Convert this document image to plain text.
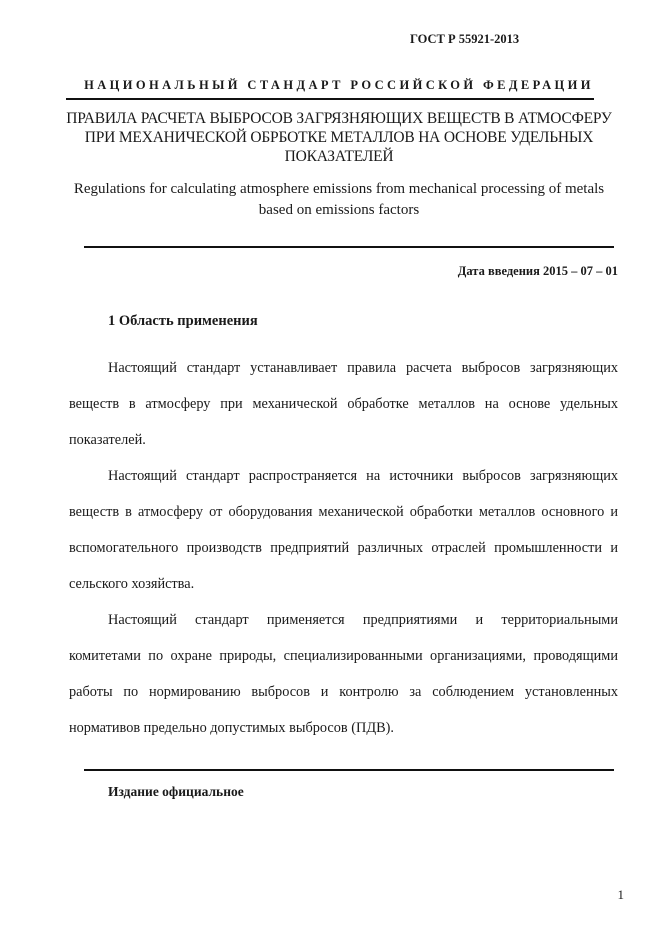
ГОСТ Р 55921-2013
НАЦИОНАЛЬНЫЙ СТАНДАРТ РОССИЙСКОЙ ФЕДЕРАЦИИ
ПРАВИЛА РАСЧЕТА ВЫБРОСОВ ЗАГРЯЗНЯЮЩИХ ВЕЩЕСТВ В АТМОСФЕРУ ПРИ МЕХАНИЧЕСКОЙ ОБРБОТКЕ МЕТАЛЛОВ НА ОСНОВЕ УДЕЛЬНЫХ ПОКАЗАТЕЛЕЙ
Regulations for calculating atmosphere emissions from mechanical processing of metals based on emissions factors
Дата введения 2015 – 07 – 01
1 Область применения

Настоящий стандарт устанавливает правила расчета выбросов загрязняющих веществ в атмосферу при механической обработке металлов на основе удельных показателей.

Настоящий стандарт распространяется на источники выбросов загрязняющих веществ в атмосферу от оборудования механической обработки металлов основного и вспомогательного производств предприятий различных отраслей промышленности и сельского хозяйства.

Настоящий стандарт применяется предприятиями и территориальными комитетами по охране природы, специализированными организациями, проводящими работы по нормированию выбросов и контролю за соблюдением установленных нормативов предельно допустимых выбросов (ПДВ).

Издание официальное
1
